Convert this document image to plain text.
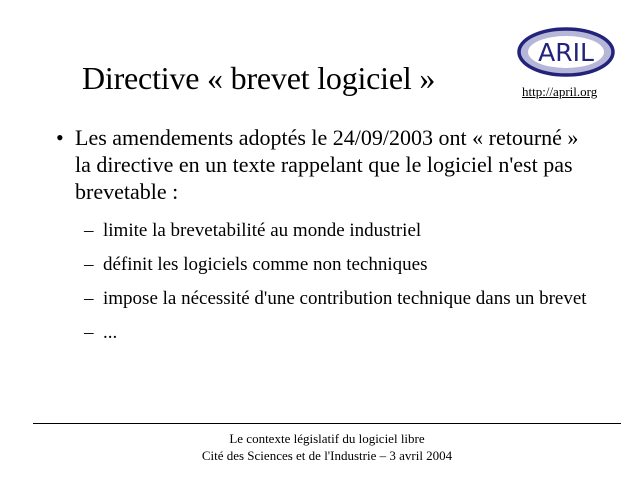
Directive « brevet logiciel »
ARIL
http://april.org
• Les amendements adoptés le 24/09/2003 ont « retourné » la directive en un texte rappelant que le logiciel n'est pas brevetable :
– limite la brevetabilité au monde industriel
– définit les logiciels comme non techniques
– impose la nécessité d'une contribution technique dans un brevet
– ...
Le contexte législatif du logiciel libre
Cité des Sciences et de l'Industrie – 3 avril 2004
